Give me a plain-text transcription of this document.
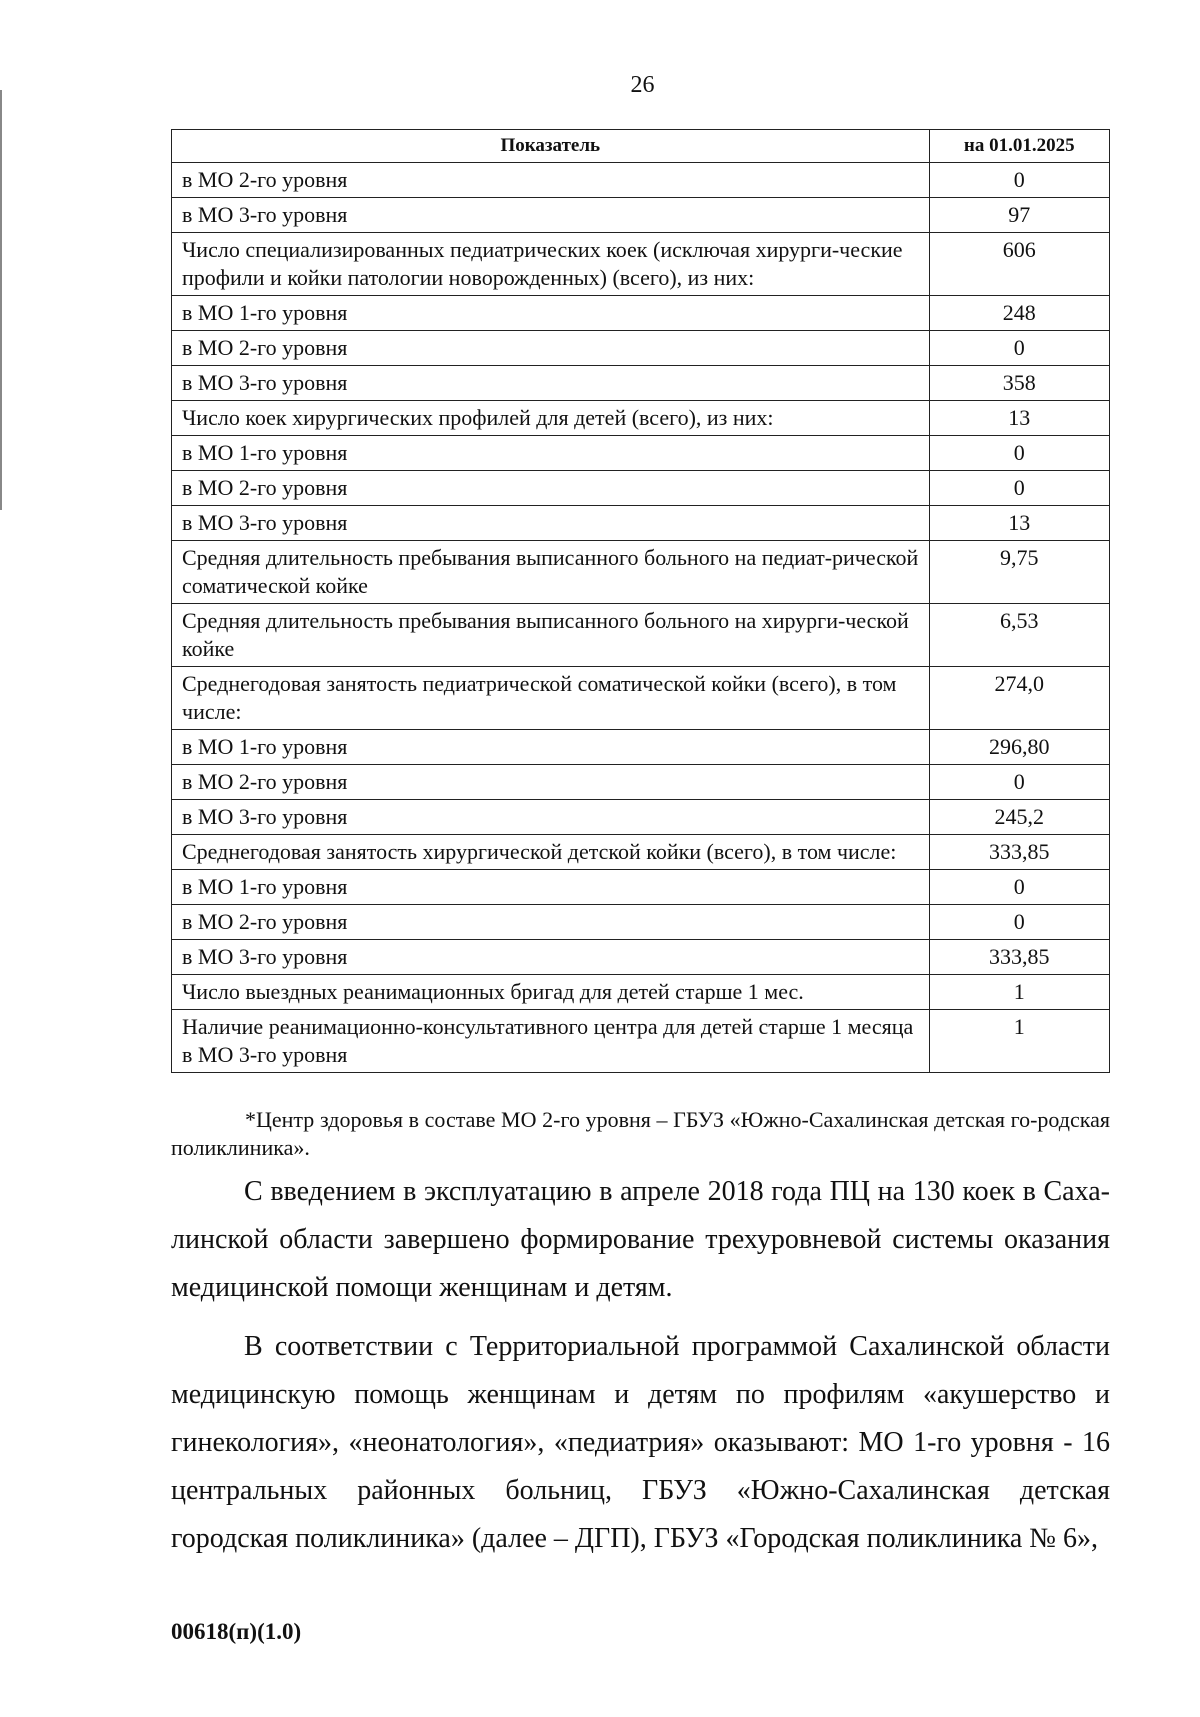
26
Показатель	на 01.01.2025
в МО 2-го уровня	0
в МО 3-го уровня	97
Число специализированных педиатрических коек (исключая хирурги-ческие профили и койки патологии новорожденных) (всего), из них:	606
в МО 1-го уровня	248
в МО 2-го уровня	0
в МО 3-го уровня	358
Число коек хирургических профилей для детей (всего), из них:	13
в МО 1-го уровня	0
в МО 2-го уровня	0
в МО 3-го уровня	13
Средняя длительность пребывания выписанного больного на педиат-рической соматической койке	9,75
Средняя длительность пребывания выписанного больного на хирурги-ческой койке	6,53
Среднегодовая занятость педиатрической соматической койки (всего), в том числе:	274,0
в МО 1-го уровня	296,80
в МО 2-го уровня	0
в МО 3-го уровня	245,2
Среднегодовая занятость хирургической детской койки (всего), в том числе:	333,85
в МО 1-го уровня	0
в МО 2-го уровня	0
в МО 3-го уровня	333,85
Число выездных реанимационных бригад для детей старше 1 мес.	1
Наличие реанимационно-консультативного центра для детей старше 1 месяца в МО 3-го уровня	1
*Центр здоровья в составе МО 2-го уровня – ГБУЗ «Южно-Сахалинская детская го-родская поликлиника».
С введением в эксплуатацию в апреле 2018 года ПЦ на 130 коек в Саха-линской области завершено формирование трехуровневой системы оказания медицинской помощи женщинам и детям.
В соответствии с Территориальной программой Сахалинской области медицинскую помощь женщинам и детям по профилям «акушерство и гинекология», «неонатология», «педиатрия» оказывают: МО 1-го уровня - 16 центральных районных больниц, ГБУЗ «Южно-Сахалинская детская городская поликлиника» (далее – ДГП), ГБУЗ «Городская поликлиника № 6»,
00618(п)(1.0)
